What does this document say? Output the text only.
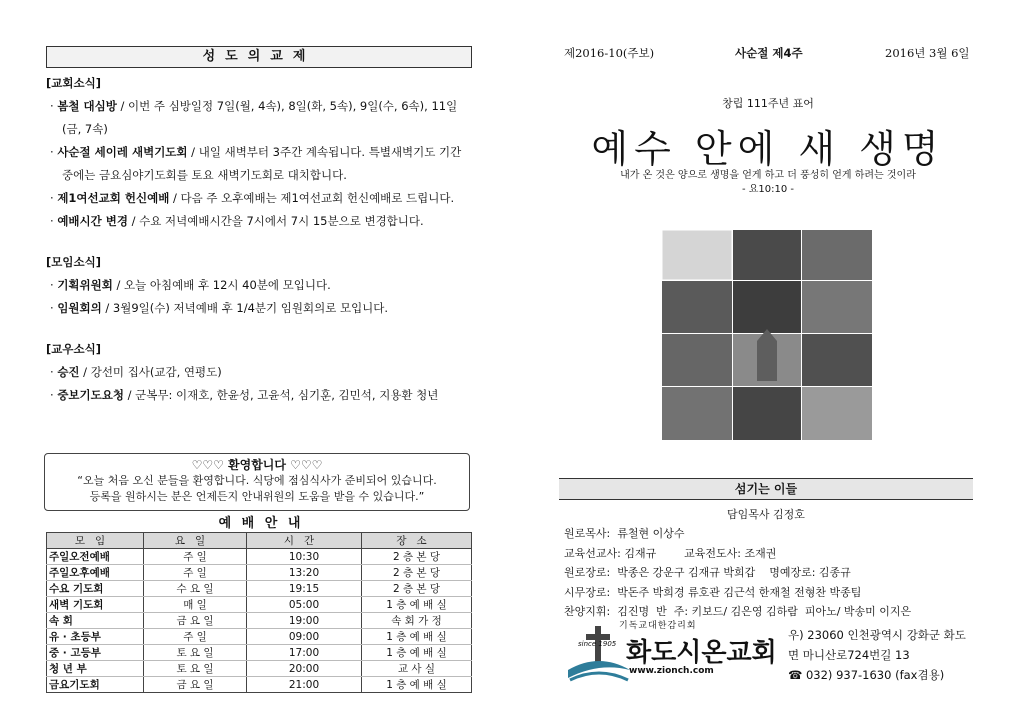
성도의교제
[교회소식]
· 봄철 대심방 / 이번 주 심방일정 7일(월, 4속), 8일(화, 5속), 9일(수, 6속), 11일(금, 7속)
· 사순절 세이레 새벽기도회 / 내일 새벽부터 3주간 계속됩니다. 특별새벽기도 기간 중에는 금요심야기도회를 토요 새벽기도회로 대치합니다.
· 제1여선교회 헌신예배 / 다음 주 오후예배는 제1여선교회 헌신예배로 드립니다.
· 예배시간 변경 / 수요 저녁예배시간을 7시에서 7시 15분으로 변경합니다.
[모임소식]
· 기획위원회 / 오늘 아침예배 후 12시 40분에 모입니다.
· 임원회의 / 3월9일(수) 저녁예배 후 1/4분기 임원회의로 모입니다.
[교우소식]
· 승진 / 강선미 집사(교감, 연평도)
· 중보기도요청 / 군복무: 이재호, 한윤성, 고윤석, 심기훈, 김민석, 지용환 청년
♡♡♡ 환영합니다 ♡♡♡
“오늘 처음 오신 분들을 환영합니다. 식당에 점심식사가 준비되어 있습니다.
등록을 원하시는 분은 언제든지 안내위원의 도움을 받을 수 있습니다.”
예 배 안 내
모임	요일	시간	장소
주일오전예배	주 일	10:30	2 층 본 당
주일오후예배	주 일	13:20	2 층 본 당
수요 기도회	수 요 일	19:15	2 층 본 당
새벽 기도회	매 일	05:00	1 층 예 배 실
속 회	금 요 일	19:00	속 회 가 정
유 · 초등부	주 일	09:00	1 층 예 배 실
중 · 고등부	토 요 일	17:00	1 층 예 배 실
청 년 부	토 요 일	20:00	교 사 실
금요기도회	금 요 일	21:00	1 층 예 배 실
제2016-10(주보)	사순절 제4주	2016년 3월 6일
창립 111주년 표어
예수 안에 새 생명
내가 온 것은 양으로 생명을 얻게 하고 더 풍성히 얻게 하려는 것이라
- 요10:10 -
섬기는 이들
담임목사 김정호
원로목사:  류철현 이상수
교육선교사: 김재규        교육전도사: 조재권
원로장로:  박종은 강운구 김재규 박희갑    명예장로: 김종규
시무장로:  박돈주 박희경 류호관 김근석 한재철 전형찬 박종팀
찬양지휘:  김진명  반  주: 키보드/ 김은영 김하람  피아노/ 박송미 이지은
기독교대한감리회
since 1905 화도시온교회
www.zionch.com
우) 23060 인천광역시 강화군 화도
면 마니산로724번길 13
☎ 032) 937-1630 (fax겸용)
